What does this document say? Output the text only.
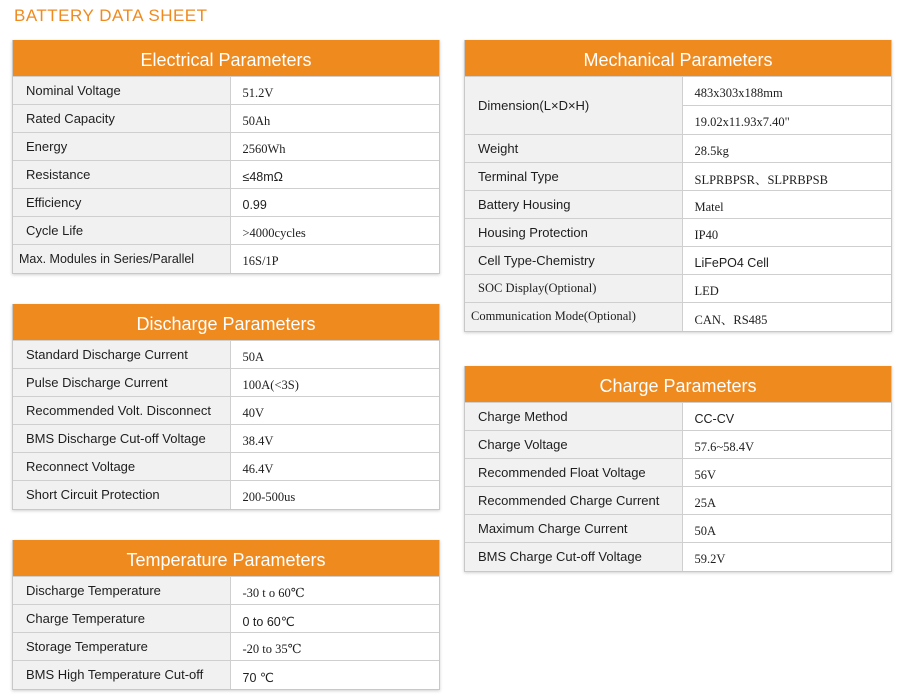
BATTERY DATA SHEET
Electrical Parameters
Nominal Voltage	51.2V
Rated Capacity	50Ah
Energy	2560Wh
Resistance	≤48mΩ
Efficiency	0.99
Cycle Life	>4000cycles
Max. Modules in Series/Parallel	16S/1P
Discharge Parameters
Standard Discharge Current	50A
Pulse Discharge Current	100A(<3S)
Recommended Volt. Disconnect	40V
BMS Discharge Cut-off Voltage	38.4V
Reconnect Voltage	46.4V
Short Circuit Protection	200-500us
Temperature Parameters
Discharge Temperature	-30 t o 60℃
Charge Temperature	0 to 60℃
Storage Temperature	-20 to 35℃
BMS High Temperature Cut-off	70 ℃
Mechanical Parameters
Dimension(L×D×H)	483x303x188mm
19.02x11.93x7.40"

Weight	28.5kg
Terminal Type	SLPRBPSR、SLPRBPSB
Battery Housing	Matel
Housing Protection	IP40
Cell Type-Chemistry	LiFePO4 Cell
SOC Display(Optional)	LED
Communication Mode(Optional)	CAN、RS485
Charge Parameters
Charge Method	CC-CV
Charge Voltage	57.6~58.4V
Recommended Float Voltage	56V
Recommended Charge Current	25A
Maximum Charge Current	50A
BMS Charge Cut-off Voltage	59.2V
